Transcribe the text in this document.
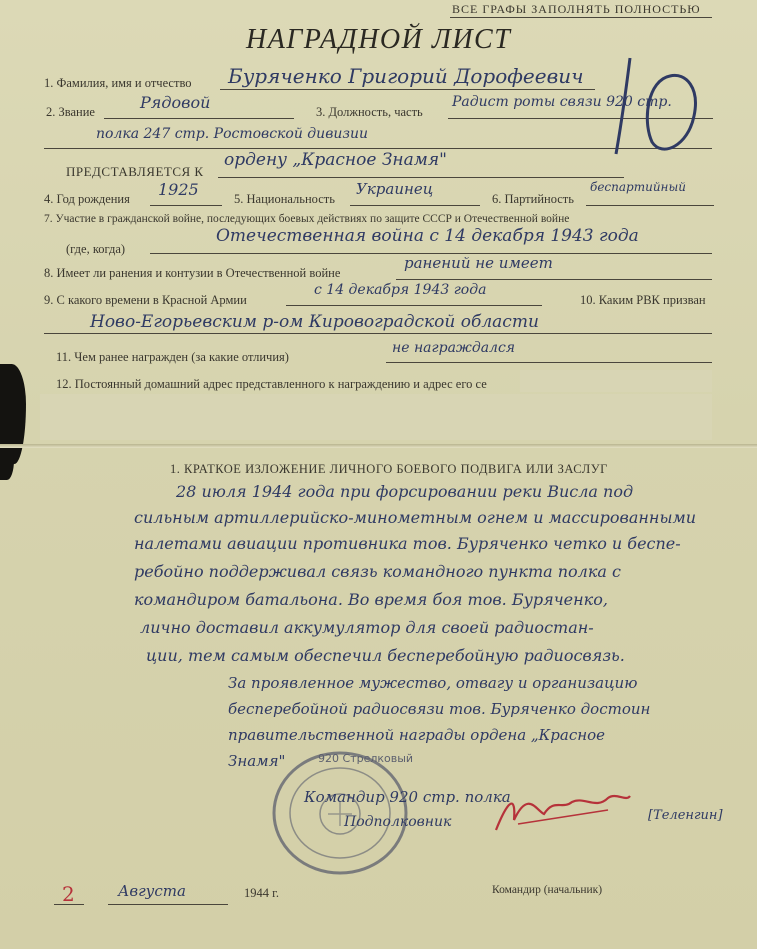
ВСЕ ГРАФЫ ЗАПОЛНЯТЬ ПОЛНОСТЬЮ
НАГРАДНОЙ ЛИСТ
1. Фамилия, имя и отчество Буряченко Григорий Дорофеевич
2. Звание	Рядовой	3. Должность, часть
Радист роты связи 920 стр.
полка 247 стр. Ростовской дивизии
ПРЕДСТАВЛЯЕТСЯ К
ордену „Красное Знамя"
4. Год рождения 1925	5. Национальность
Украинец
6. Партийность
беспартийный
7. Участие в гражданской войне, последующих боевых действиях по защите СССР и Отечественной войне
(где, когда)
Отечественная война с 14 декабря 1943 года
8. Имеет ли ранения и контузии в Отечественной войне
ранений не имеет
9. С какого времени в Красной Армии
с 14 декабря 1943 года
10. Каким РВК призван
Ново-Егорьевским р-ом Кировоградской области
11. Чем ранее награжден (за какие отличия)
не награждался
12. Постоянный домашний адрес представленного к награждению и адрес его се
1. КРАТКОЕ ИЗЛОЖЕНИЕ ЛИЧНОГО БОЕВОГО ПОДВИГА ИЛИ ЗАСЛУГ
28 июля 1944 года при форсировании реки Висла под
сильным артиллерийско-минометным огнем и массированными
налетами авиации противника тов. Буряченко четко и беспе-
ребойно поддерживал связь командного пункта полка с
командиром батальона. Во время боя тов. Буряченко,
лично доставил аккумулятор для своей радиостан-
ции, тем самым обеспечил бесперебойную радиосвязь.
За проявленное мужество, отвагу и организацию
бесперебойной радиосвязи тов. Буряченко достоин
правительственной награды ордена „Красное
Знамя"	920 Стрелковый
Командир 920 стр. полка
Подполковник	[Теленгин]
2	Августа	1944 г.	Командир (начальник)
